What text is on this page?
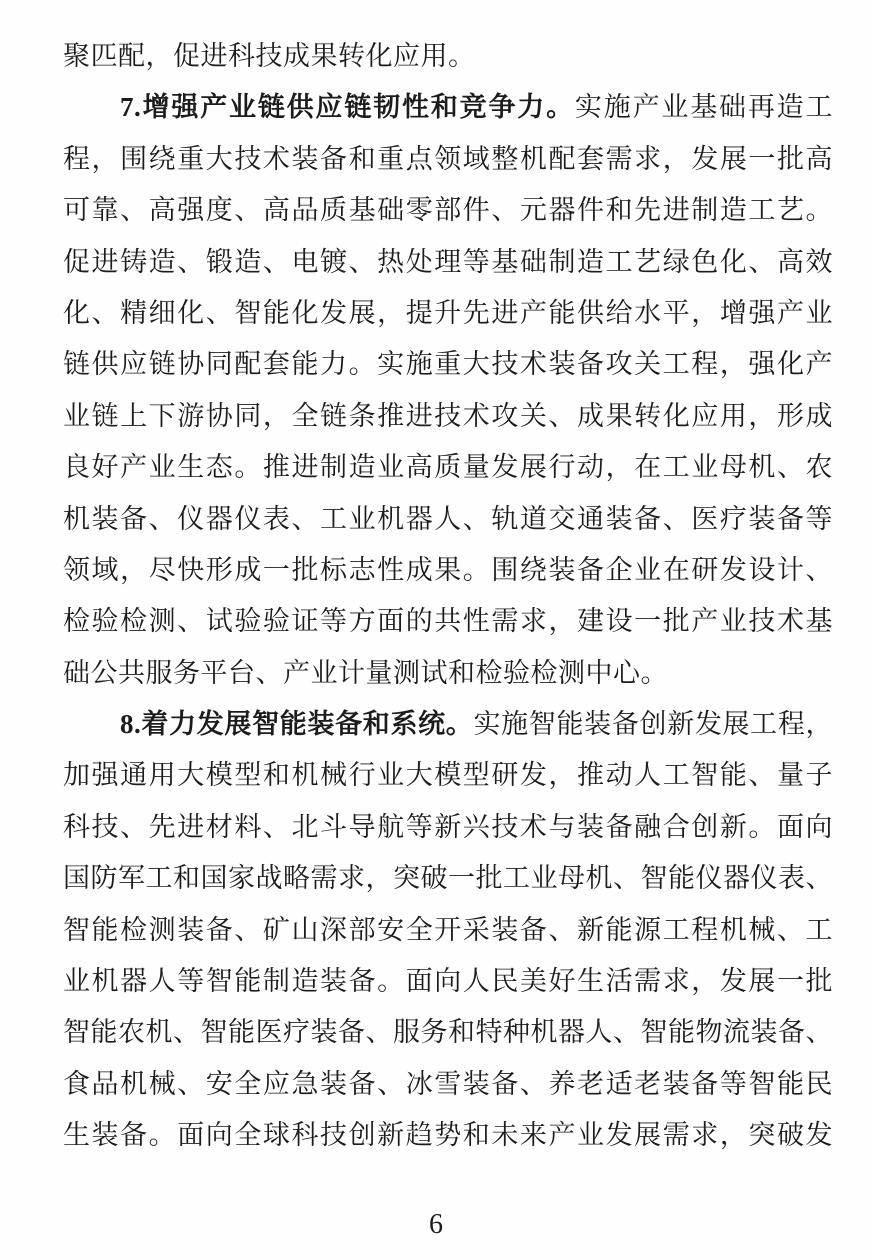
聚匹配，促进科技成果转化应用。
7.增强产业链供应链韧性和竞争力。实施产业基础再造工
程，围绕重大技术装备和重点领域整机配套需求，发展一批高
可靠、高强度、高品质基础零部件、元器件和先进制造工艺。
促进铸造、锻造、电镀、热处理等基础制造工艺绿色化、高效
化、精细化、智能化发展，提升先进产能供给水平，增强产业
链供应链协同配套能力。实施重大技术装备攻关工程，强化产
业链上下游协同，全链条推进技术攻关、成果转化应用，形成
良好产业生态。推进制造业高质量发展行动，在工业母机、农
机装备、仪器仪表、工业机器人、轨道交通装备、医疗装备等
领域，尽快形成一批标志性成果。围绕装备企业在研发设计、
检验检测、试验验证等方面的共性需求，建设一批产业技术基
础公共服务平台、产业计量测试和检验检测中心。
8.着力发展智能装备和系统。实施智能装备创新发展工程，
加强通用大模型和机械行业大模型研发，推动人工智能、量子
科技、先进材料、北斗导航等新兴技术与装备融合创新。面向
国防军工和国家战略需求，突破一批工业母机、智能仪器仪表、
智能检测装备、矿山深部安全开采装备、新能源工程机械、工
业机器人等智能制造装备。面向人民美好生活需求，发展一批
智能农机、智能医疗装备、服务和特种机器人、智能物流装备、
食品机械、安全应急装备、冰雪装备、养老适老装备等智能民
生装备。面向全球科技创新趋势和未来产业发展需求，突破发
6
